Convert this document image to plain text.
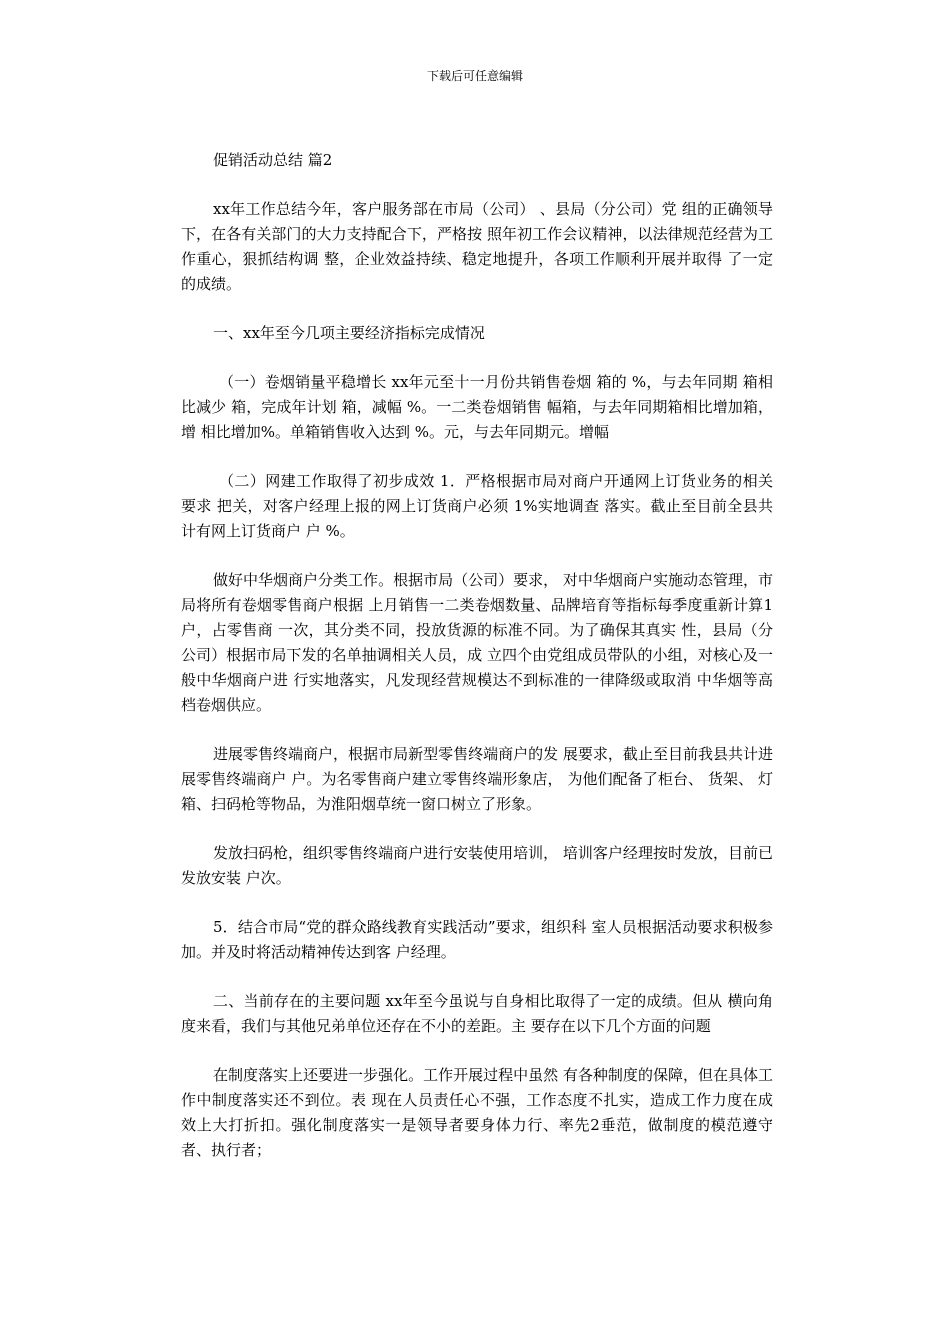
下载后可任意编辑

促销活动总结 篇2

xx年工作总结今年，客户服务部在市局（公司） 、县局（分公司）党 组的正确领导下，在各有关部门的大力支持配合下，严格按 照年初工作会议精神，以法律规范经营为工作重心，狠抓结构调 整，企业效益持续、稳定地提升，各项工作顺利开展并取得 了一定的成绩。

一、xx年至今几项主要经济指标完成情况

（一）卷烟销量平稳增长 xx年元至十一月份共销售卷烟 箱的 %，与去年同期 箱相比减少 箱，完成年计划 箱，减幅 %。一二类卷烟销售 幅箱，与去年同期箱相比增加箱，增 相比增加%。单箱销售收入达到 %。元，与去年同期元。增幅

（二）网建工作取得了初步成效 1．严格根据市局对商户开通网上订货业务的相关要求 把关，对客户经理上报的网上订货商户必须 1%实地调查 落实。截止至目前全县共计有网上订货商户 户 %。

做好中华烟商户分类工作。根据市局（公司）要求， 对中华烟商户实施动态管理，市局将所有卷烟零售商户根据 上月销售一二类卷烟数量、品牌培育等指标每季度重新计算1户，占零售商 一次，其分类不同，投放货源的标准不同。为了确保其真实 性，县局（分公司）根据市局下发的名单抽调相关人员，成 立四个由党组成员带队的小组，对核心及一般中华烟商户进 行实地落实，凡发现经营规模达不到标准的一律降级或取消 中华烟等高档卷烟供应。

进展零售终端商户，根据市局新型零售终端商户的发 展要求，截止至目前我县共计进展零售终端商户 户。为名零售商户建立零售终端形象店， 为他们配备了柜台、 货架、 灯箱、扫码枪等物品，为淮阳烟草统一窗口树立了形象。

发放扫码枪，组织零售终端商户进行安装使用培训， 培训客户经理按时发放，目前已发放安装 户次。

5．结合市局“党的群众路线教育实践活动”要求，组织科 室人员根据活动要求积极参加。并及时将活动精神传达到客 户经理。

二、当前存在的主要问题 xx年至今虽说与自身相比取得了一定的成绩。但从 横向角度来看，我们与其他兄弟单位还存在不小的差距。主 要存在以下几个方面的问题

在制度落实上还要进一步强化。工作开展过程中虽然 有各种制度的保障，但在具体工作中制度落实还不到位。表 现在人员责任心不强，工作态度不扎实，造成工作力度在成 效上大打折扣。强化制度落实一是领导者要身体力行、率先2垂范，做制度的模范遵守者、执行者；
